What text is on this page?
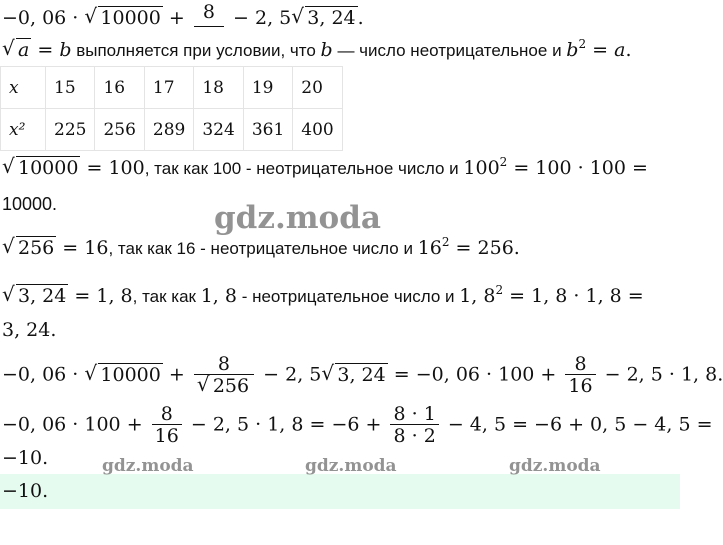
−0, 06 · √ 10000 + 8
− 2, 5 √ 3, 24 .
√ a = b выполняется при условии, что b — число неотрицательное и $b^2 = a$.
x	15	16	17	18	19	20
x²	225	256	289	324	361	400
√ 10000 = 100, так как 100 - неотрицательное число и $100^2 = 100 \cdot 100$ =
10000.
√ 256 = 16, так как 16 - неотрицательное число и $16^2 = 256$.
√ 3, 24 = 1, 8, так как 1, 8 - неотрицательное число и 1, $8^2 = 1$, 8 · 1, 8 =
3, 24.
−0, 06 · √ $10000 + \frac{8}{√ 256} - 2$, 5 √ 3, 24 = −0, $06 \cdot 100 + \frac{8}{16} - 2$, 5 · 1, 8.
−0, $06 \cdot 100 + \frac{8}{16} - 2$, 5 · 1, $8 = -6 + \frac{8 \cdot 1}{8 \cdot 2} - 4$, 5 = −6 + 0, 5 − 4, 5 =
−10.
−10.
gdz.moda
gdz.moda	gdz.moda	gdz.moda
